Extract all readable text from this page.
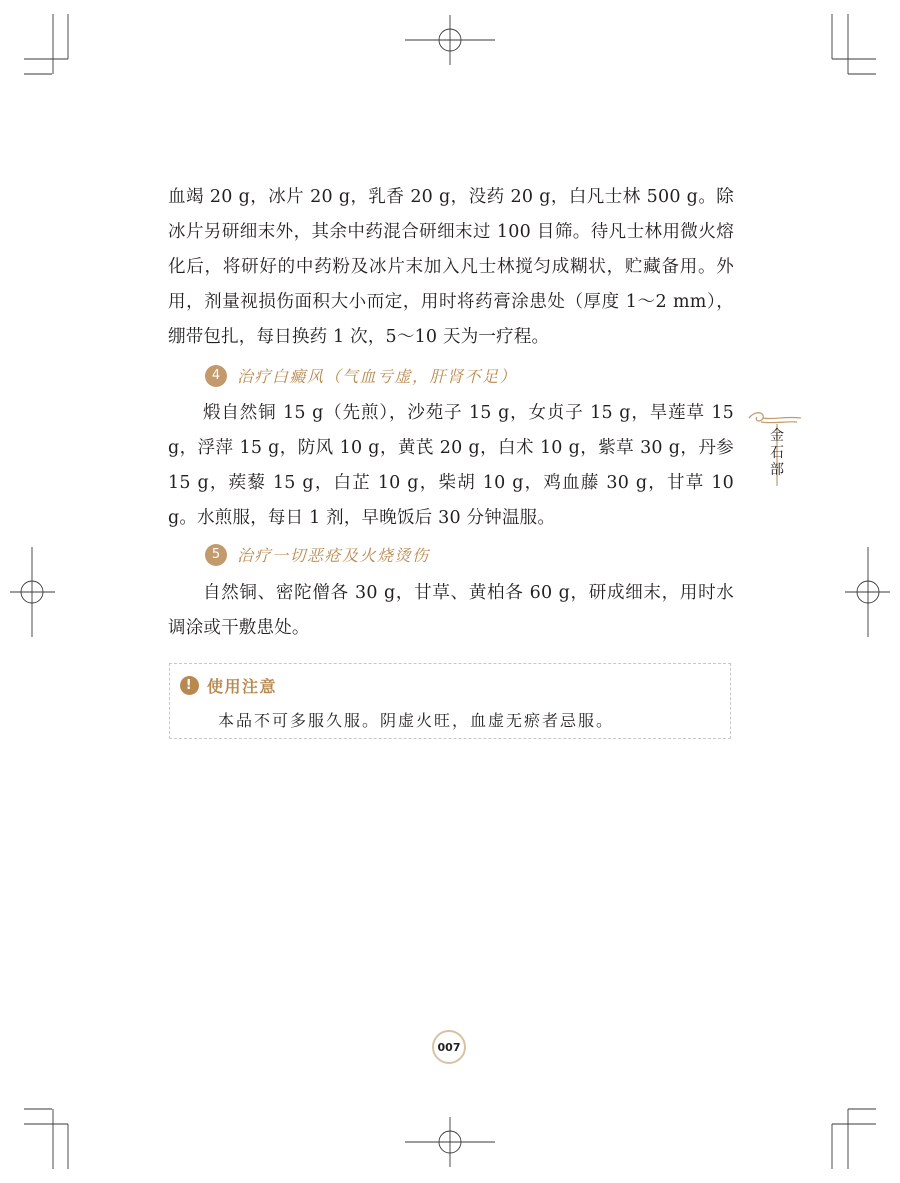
血竭 20 g，冰片 20 g，乳香 20 g，没药 20 g，白凡士林 500 g。除冰片另研细末外，其余中药混合研细末过 100 目筛。待凡士林用微火熔化后，将研好的中药粉及冰片末加入凡士林搅匀成糊状，贮藏备用。外用，剂量视损伤面积大小而定，用时将药膏涂患处（厚度 1～2 mm），绷带包扎，每日换药 1 次，5～10 天为一疗程。

4	治疗白癜风（气血亏虚，肝肾不足）

煅自然铜 15 g（先煎），沙苑子 15 g，女贞子 15 g，旱莲草 15 g，浮萍 15 g，防风 10 g，黄芪 20 g，白术 10 g，紫草 30 g，丹参 15 g，蒺藜 15 g，白芷 10 g，柴胡 10 g，鸡血藤 30 g，甘草 10 g。水煎服，每日 1 剂，早晚饭后 30 分钟温服。

5	治疗一切恶疮及火烧烫伤

自然铜、密陀僧各 30 g，甘草、黄柏各 60 g，研成细末，用时水调涂或干敷患处。

金
石
部
! 使用注意
本品不可多服久服。阴虚火旺，血虚无瘀者忌服。
007
